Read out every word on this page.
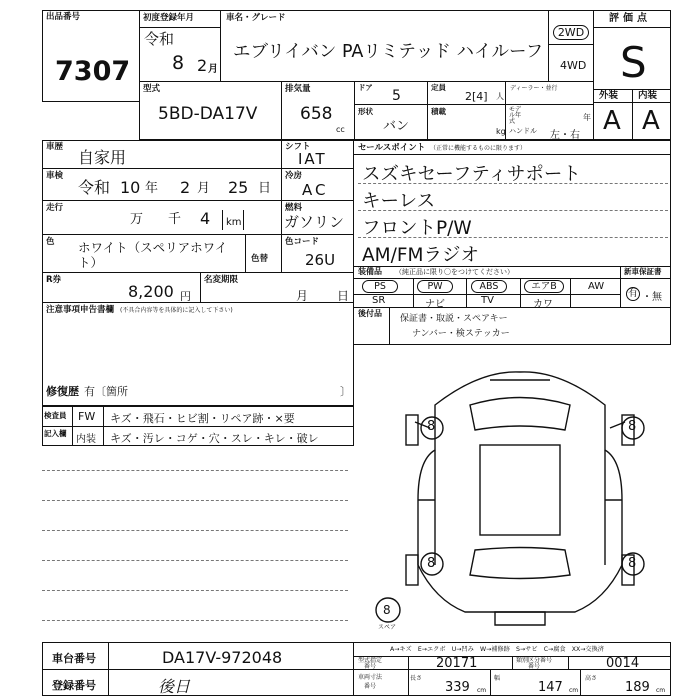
出品番号
7307
初度登録年月
令和
8 2 月
車名・グレード
エブリイバン PAリミテッド ハイルーフ
2WD
4WD
評価点
S
外装 内装
A A
型式
5BD-DA17V
排気量
658
cc
ドア
5
定員
2[4] 人
ディーラー・並行
モデル年式	年
形状
バン
積載
kg ハンドル 左・右
車歴
自家用
シフト
IAT
車検
令和 10 年 2 月 25 日
冷房
AC
走行
万 千 4 km
燃料
ガソリン
色 ホワイト（スペリアホワイト）	色替
色コード
26U
R券
8,200 円
名変期限
月 日
注意事項申告書欄 (不具合内容等を具体的に記入して下さい)
修復歴 有〔箇所	〕
セールスポイント （正常に機能するものに限ります）
スズキセーフティサポート
キーレス
フロントP/W
AM/FMラジオ
装備品 （純正品に限り〇をつけてください）	新車保証書
PS	PW	ABS	エアB	AW
SR	ナビ	TV	カワ
有 ・無
後付品
保証書・取説・スペアキー
ナンバー・検ステッカー
検査員
記入欄
FW キズ・飛石・ヒビ割・リペア跡・×要
内装 キズ・汚レ・コゲ・穴・スレ・キレ・破レ
8	8
8	8
8
スペア
A→キズ　E→エクボ　U→凹み　W→補修跡　S→サビ　C→腐食　XX→交換済
車台番号	DA17V-972048
登録番号	後日
型式指定
番号	20171	類別区分番号
番号	0014
車両寸法
番号
長さ
339 cm
幅
147 cm
高さ
189 cm
